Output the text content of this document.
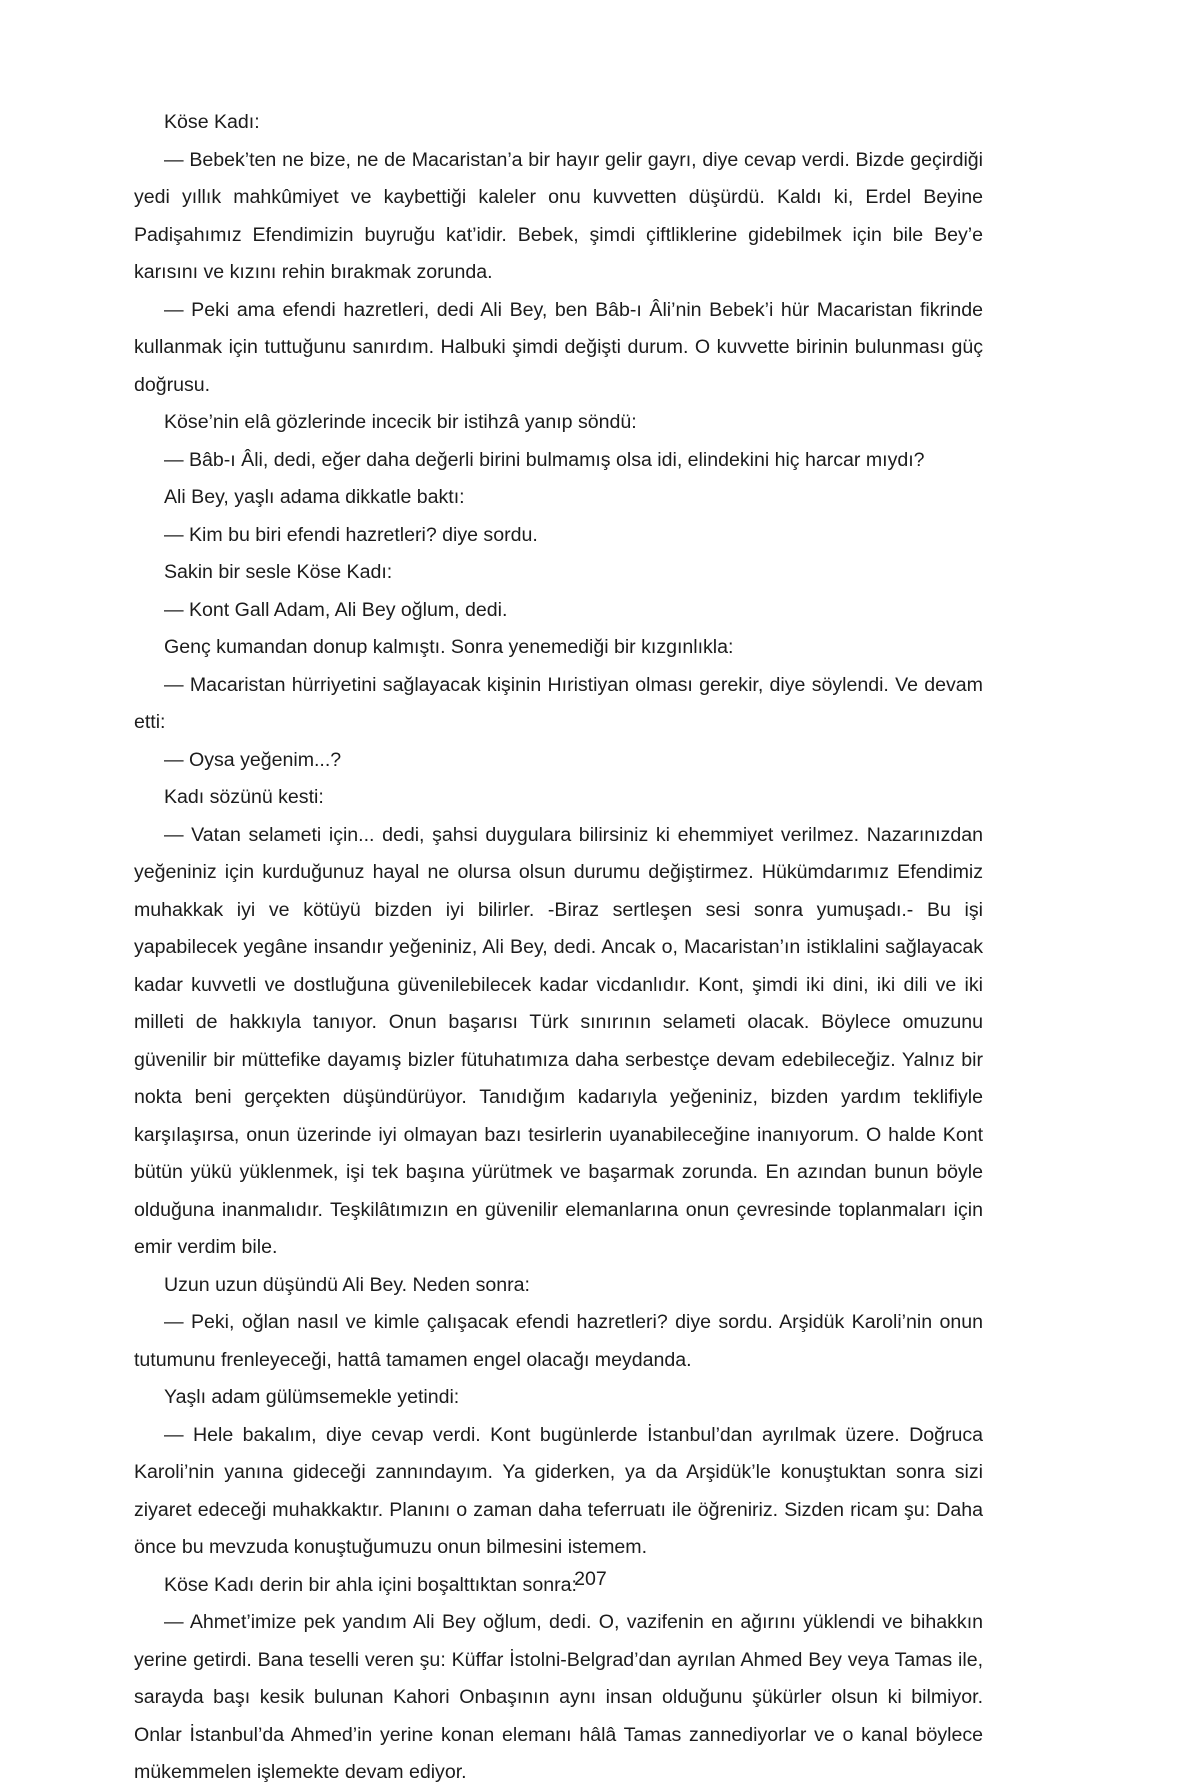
Köse Kadı:

— Bebek’ten ne bize, ne de Macaristan’a bir hayır gelir gayrı, diye cevap verdi. Bizde geçirdiği yedi yıllık mahkûmiyet ve kaybettiği kaleler onu kuvvetten düşürdü. Kaldı ki, Erdel Beyine Padişahımız Efendimizin buyruğu kat’idir. Bebek, şimdi çiftliklerine gidebilmek için bile Bey’e karısını ve kızını rehin bırakmak zorunda.

— Peki ama efendi hazretleri, dedi Ali Bey, ben Bâb-ı Âli’nin Bebek’i hür Macaristan fikrinde kullanmak için tuttuğunu sanırdım. Halbuki şimdi değişti durum. O kuvvette birinin bulunması güç doğrusu.

Köse’nin elâ gözlerinde incecik bir istihzâ yanıp söndü:

— Bâb-ı Âli, dedi, eğer daha değerli birini bulmamış olsa idi, elindekini hiç harcar mıydı?

Ali Bey, yaşlı adama dikkatle baktı:

— Kim bu biri efendi hazretleri? diye sordu.

Sakin bir sesle Köse Kadı:

— Kont Gall Adam, Ali Bey oğlum, dedi.

Genç kumandan donup kalmıştı. Sonra yenemediği bir kızgınlıkla:

— Macaristan hürriyetini sağlayacak kişinin Hıristiyan olması gerekir, diye söylendi. Ve devam etti:

— Oysa yeğenim...?

Kadı sözünü kesti:

— Vatan selameti için... dedi, şahsi duygulara bilirsiniz ki ehemmiyet verilmez. Nazarınızdan yeğeniniz için kurduğunuz hayal ne olursa olsun durumu değiştirmez. Hükümdarımız Efendimiz muhakkak iyi ve kötüyü bizden iyi bilirler. -Biraz sertleşen sesi sonra yumuşadı.- Bu işi yapabilecek yegâne insandır yeğeniniz, Ali Bey, dedi. Ancak o, Macaristan’ın istiklalini sağlayacak kadar kuvvetli ve dostluğuna güvenilebilecek kadar vicdanlıdır. Kont, şimdi iki dini, iki dili ve iki milleti de hakkıyla tanıyor. Onun başarısı Türk sınırının selameti olacak. Böylece omuzunu güvenilir bir müttefike dayamış bizler fütuhatımıza daha serbestçe devam edebileceğiz. Yalnız bir nokta beni gerçekten düşündürüyor. Tanıdığım kadarıyla yeğeniniz, bizden yardım teklifiyle karşılaşırsa, onun üzerinde iyi olmayan bazı tesirlerin uyanabileceğine inanıyorum. O halde Kont bütün yükü yüklenmek, işi tek başına yürütmek ve başarmak zorunda. En azından bunun böyle olduğuna inanmalıdır. Teşkilâtımızın en güvenilir elemanlarına onun çevresinde toplanmaları için emir verdim bile.

Uzun uzun düşündü Ali Bey. Neden sonra:

— Peki, oğlan nasıl ve kimle çalışacak efendi hazretleri? diye sordu. Arşidük Karoli’nin onun tutumunu frenleyeceği, hattâ tamamen engel olacağı meydanda.

Yaşlı adam gülümsemekle yetindi:

— Hele bakalım, diye cevap verdi. Kont bugünlerde İstanbul’dan ayrılmak üzere. Doğruca Karoli’nin yanına gideceği zannındayım. Ya giderken, ya da Arşidük’le konuştuktan sonra sizi ziyaret edeceği muhakkaktır. Planını o zaman daha teferruatı ile öğreniriz. Sizden ricam şu: Daha önce bu mevzuda konuştuğumuzu onun bilmesini istemem.

Köse Kadı derin bir ahla içini boşalttıktan sonra:

— Ahmet’imize pek yandım Ali Bey oğlum, dedi. O, vazifenin en ağırını yüklendi ve bihakkın yerine getirdi. Bana teselli veren şu: Küffar İstolni-Belgrad’dan ayrılan Ahmed Bey veya Tamas ile, sarayda başı kesik bulunan Kahori Onbaşının aynı insan olduğunu şükürler olsun ki bilmiyor. Onlar İstanbul’da Ahmed’in yerine konan elemanı hâlâ Tamas zannediyorlar ve o kanal böylece mükemmelen işlemekte devam ediyor.

207
